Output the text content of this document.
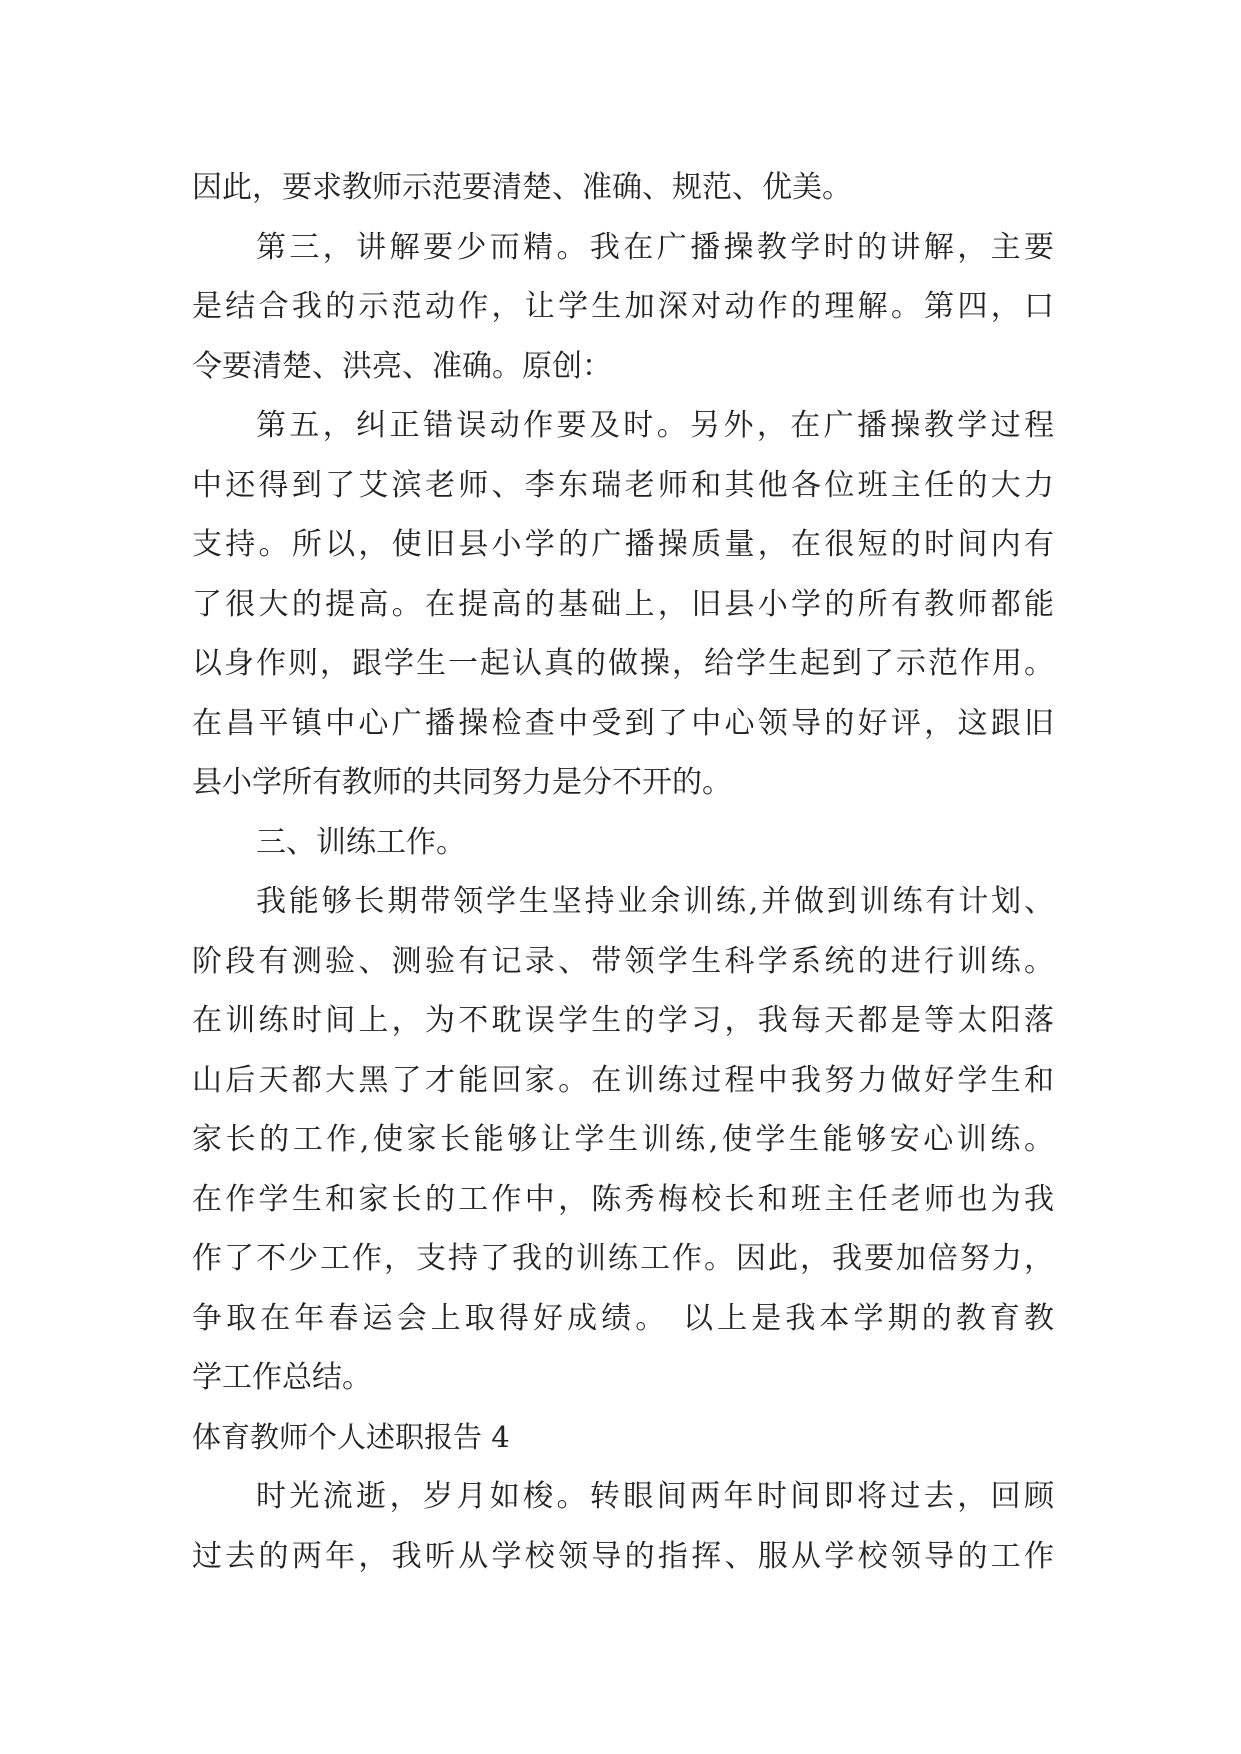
因此，要求教师示范要清楚、准确、规范、优美。
第三，讲解要少而精。我在广播操教学时的讲解，主要
是结合我的示范动作，让学生加深对动作的理解。第四，口
令要清楚、洪亮、准确。原创：
第五，纠正错误动作要及时。另外，在广播操教学过程
中还得到了艾滨老师、李东瑞老师和其他各位班主任的大力
支持。所以，使旧县小学的广播操质量，在很短的时间内有
了很大的提高。在提高的基础上，旧县小学的所有教师都能
以身作则，跟学生一起认真的做操，给学生起到了示范作用。
在昌平镇中心广播操检查中受到了中心领导的好评，这跟旧
县小学所有教师的共同努力是分不开的。
三、训练工作。
我能够长期带领学生坚持业余训练,并做到训练有计划、
阶段有测验、测验有记录、带领学生科学系统的进行训练。
在训练时间上，为不耽误学生的学习，我每天都是等太阳落
山后天都大黑了才能回家。在训练过程中我努力做好学生和
家长的工作,使家长能够让学生训练,使学生能够安心训练。
在作学生和家长的工作中，陈秀梅校长和班主任老师也为我
作了不少工作，支持了我的训练工作。因此，我要加倍努力，
争取在年春运会上取得好成绩。 以上是我本学期的教育教
学工作总结。
体育教师个人述职报告 4
时光流逝，岁月如梭。转眼间两年时间即将过去，回顾
过去的两年，我听从学校领导的指挥、服从学校领导的工作
